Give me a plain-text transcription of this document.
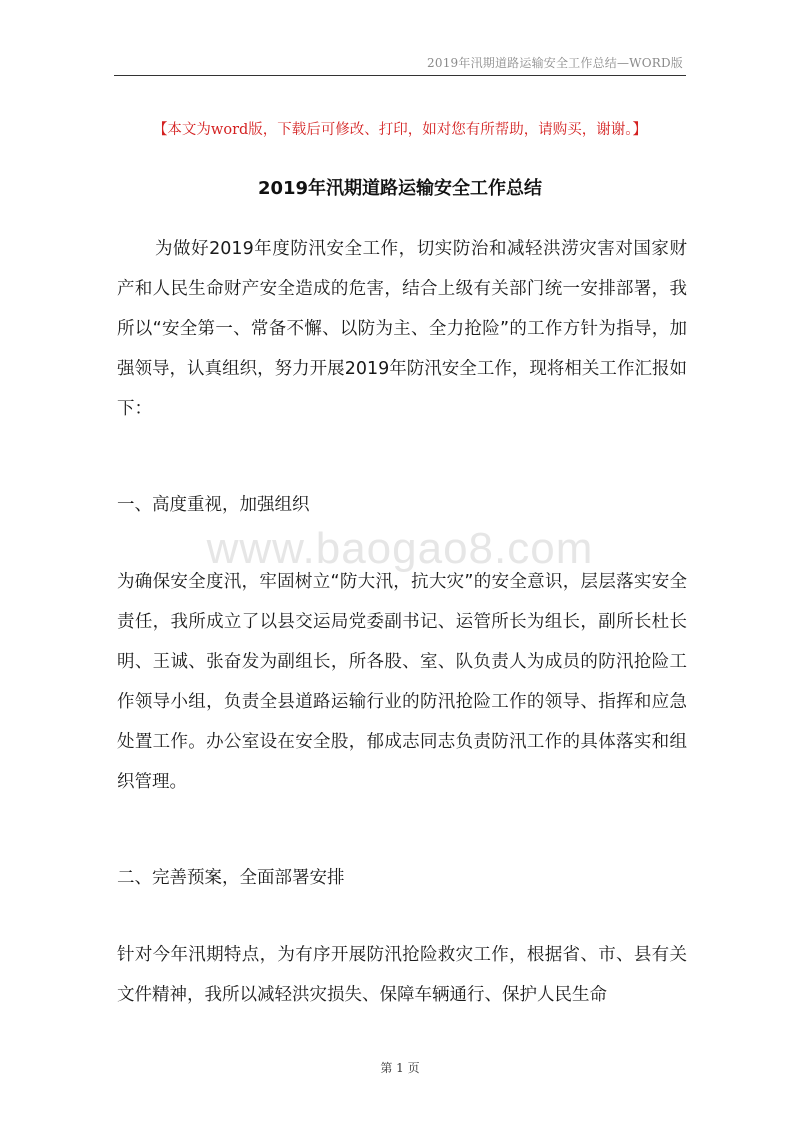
2019年汛期道路运输安全工作总结—WORD版
【本文为word版，下载后可修改、打印，如对您有所帮助，请购买，谢谢。】
2019年汛期道路运输安全工作总结

为做好2019年度防汛安全工作，切实防治和减轻洪涝灾害对国家财产和人民生命财产安全造成的危害，结合上级有关部门统一安排部署，我所以“安全第一、常备不懈、以防为主、全力抢险”的工作方针为指导，加强领导，认真组织，努力开展2019年防汛安全工作，现将相关工作汇报如下：

一、高度重视，加强组织

www.baogao8.com

为确保安全度汛，牢固树立“防大汛，抗大灾”的安全意识，层层落实安全责任，我所成立了以县交运局党委副书记、运管所长为组长，副所长杜长明、王诚、张奋发为副组长，所各股、室、队负责人为成员的防汛抢险工作领导小组，负责全县道路运输行业的防汛抢险工作的领导、指挥和应急处置工作。办公室设在安全股，郁成志同志负责防汛工作的具体落实和组织管理。

二、完善预案，全面部署安排

针对今年汛期特点，为有序开展防汛抢险救灾工作，根据省、市、县有关文件精神，我所以减轻洪灾损失、保障车辆通行、保护人民生命

第 1 页
